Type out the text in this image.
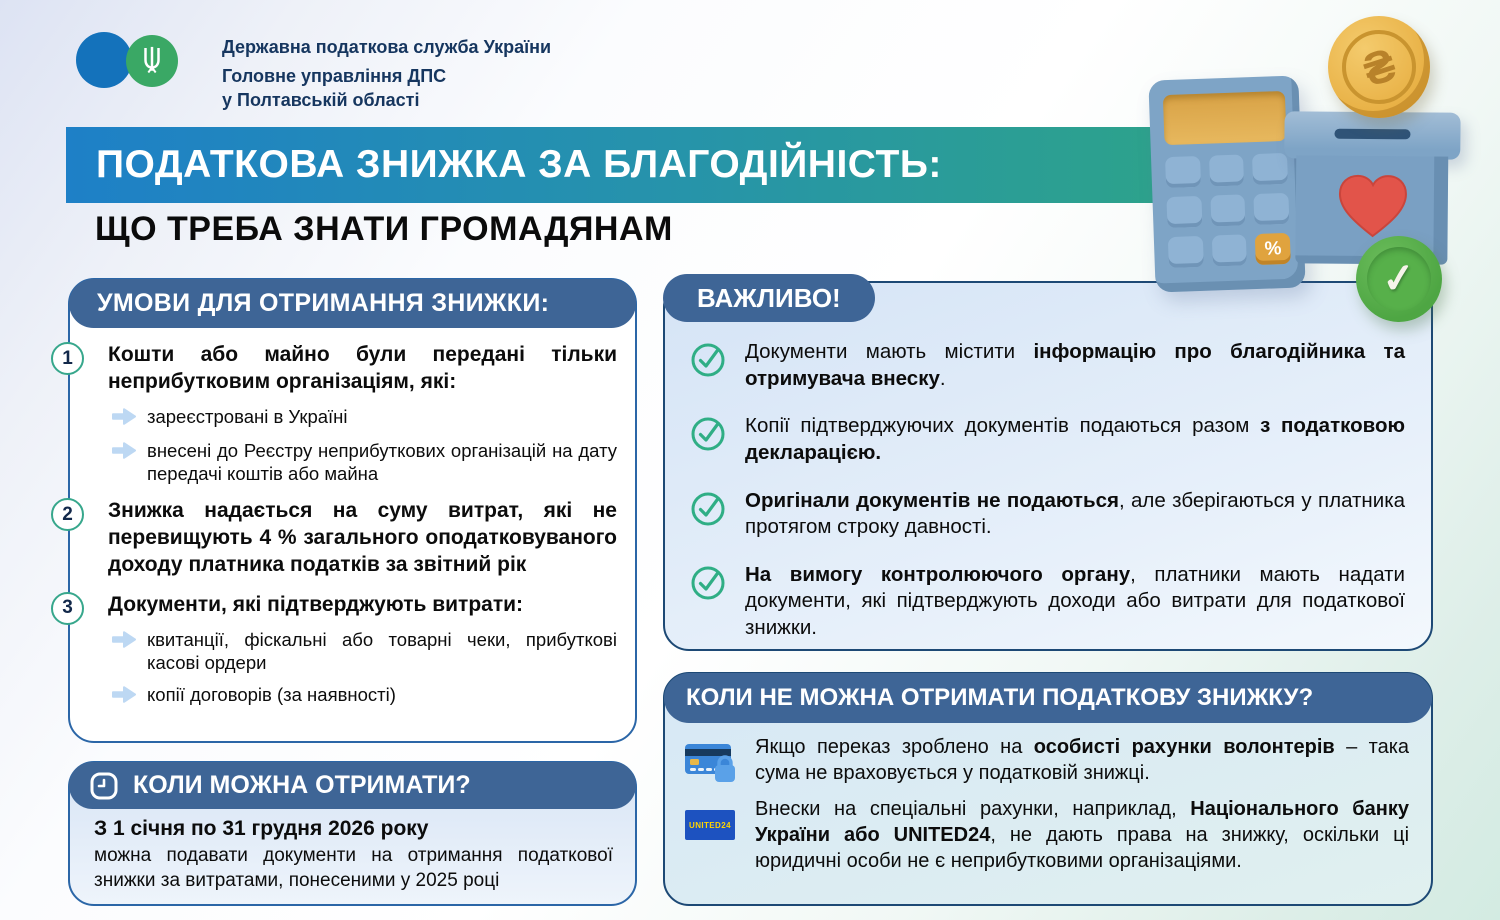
Державна податкова служба України
Головне управління ДПС
у Полтавській області
ПОДАТКОВА ЗНИЖКА ЗА БЛАГОДІЙНІСТЬ:
ЩО ТРЕБА ЗНАТИ ГРОМАДЯНАМ
УМОВИ ДЛЯ ОТРИМАННЯ ЗНИЖКИ:
1	Кошти або майно були передані тільки неприбутковим організаціям, які:
зареєстровані в Україні
внесені до Реєстру неприбуткових організацій на дату передачі коштів або майна
2	Знижка надається на суму витрат, які не перевищують 4 % загального оподатковуваного доходу платника податків за звітний рік
3	Документи, які підтверджують витрати:
квитанції, фіскальні або товарні чеки, прибуткові касові ордери
копії договорів (за наявності)
КОЛИ МОЖНА ОТРИМАТИ?
З 1 січня по 31 грудня 2026 року
можна подавати документи на отримання податкової знижки за витратами, понесеними у 2025 році
ВАЖЛИВО!

Документи мають містити інформацію про благодійника та отримувача внеску.

Копії підтверджуючих документів подаються разом з податковою декларацією.

Оригінали документів не подаються, але зберігаються у платника протягом строку давності.

На вимогу контролюючого органу, платники мають надати документи, які підтверджують доходи або витрати для податкової знижки.

КОЛИ НЕ МОЖНА ОТРИМАТИ ПОДАТКОВУ ЗНИЖКУ?

Якщо переказ зроблено на особисті рахунки волонтерів – така сума не враховується у податковій знижці.

UNITED24

Внески на спеціальні рахунки, наприклад, Національного банку України або UNITED24, не дають права на знижку, оскільки ці юридичні особи не є неприбутковими організаціями.

%
₴
✓
